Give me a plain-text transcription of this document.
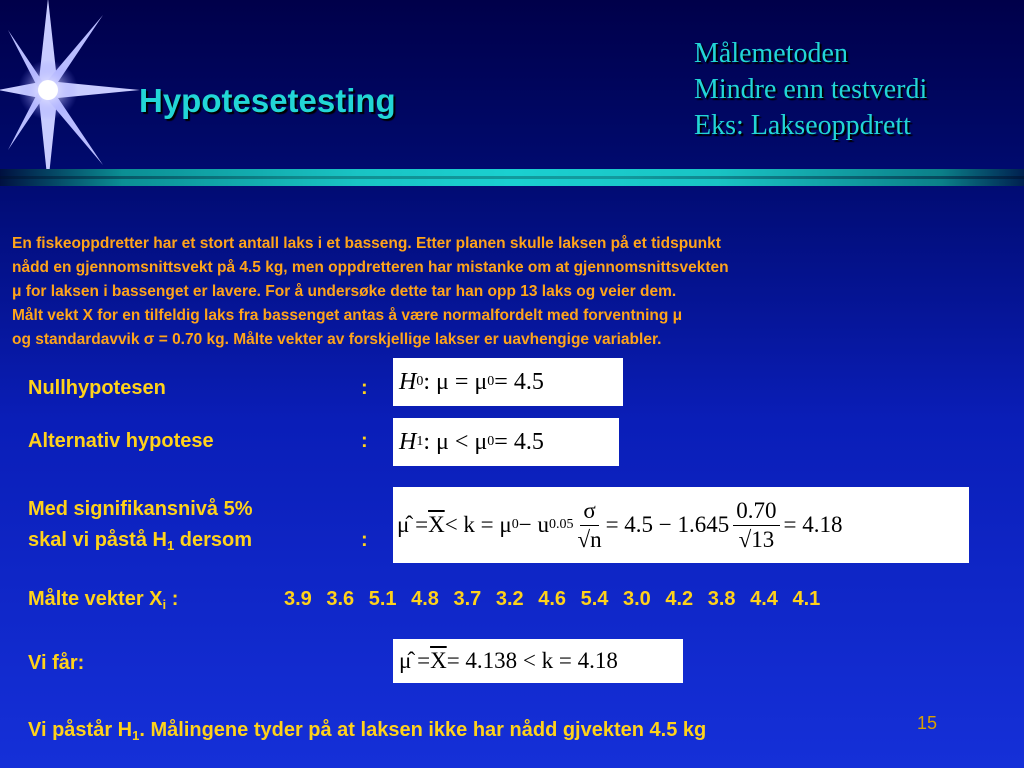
Hypotesetesting
Målemetoden
Mindre enn testverdi
Eks: Lakseoppdrett
En fiskeoppdretter har et stort antall laks i et basseng. Etter planen skulle laksen på et tidspunkt
nådd en gjennomsnittsvekt på 4.5 kg, men oppdretteren har mistanke om at gjennomsnittsvekten
μ for laksen i bassenget er lavere. For å undersøke dette tar han opp 13 laks og veier dem.
Målt vekt X for en tilfeldig laks fra bassenget antas å være normalfordelt med forventning μ
og standardavvik σ = 0.70 kg. Målte vekter av forskjellige lakser er uavhengige variabler.
Nullhypotesen	: H 0 : μ = μ 0 = 4.5
Alternativ hypotese	: H 1 : μ < μ 0 = 4.5
Med signifikansnivå 5%
skal vi påstå $H_1$ dersom	:
μ̂ = $\overline{X} < k = \mu$ 0 − u $0.05 \frac{\sigma}{√n} = 4.5 - 1.645 \frac{0.70}{√13} = 4.18$
Målte vekter $X_i$ :	3.9 3.6 5.1 4.8 3.7 3.2 4.6 5.4 3.0 4.2 3.8 4.4 4.1
Vi får:	μ̂ = $\overline{X} = 4.138 < k = 4.18$
Vi påstår $H_1$. Målingene tyder på at laksen ikke har nådd gjvekten 4.5 kg	15
